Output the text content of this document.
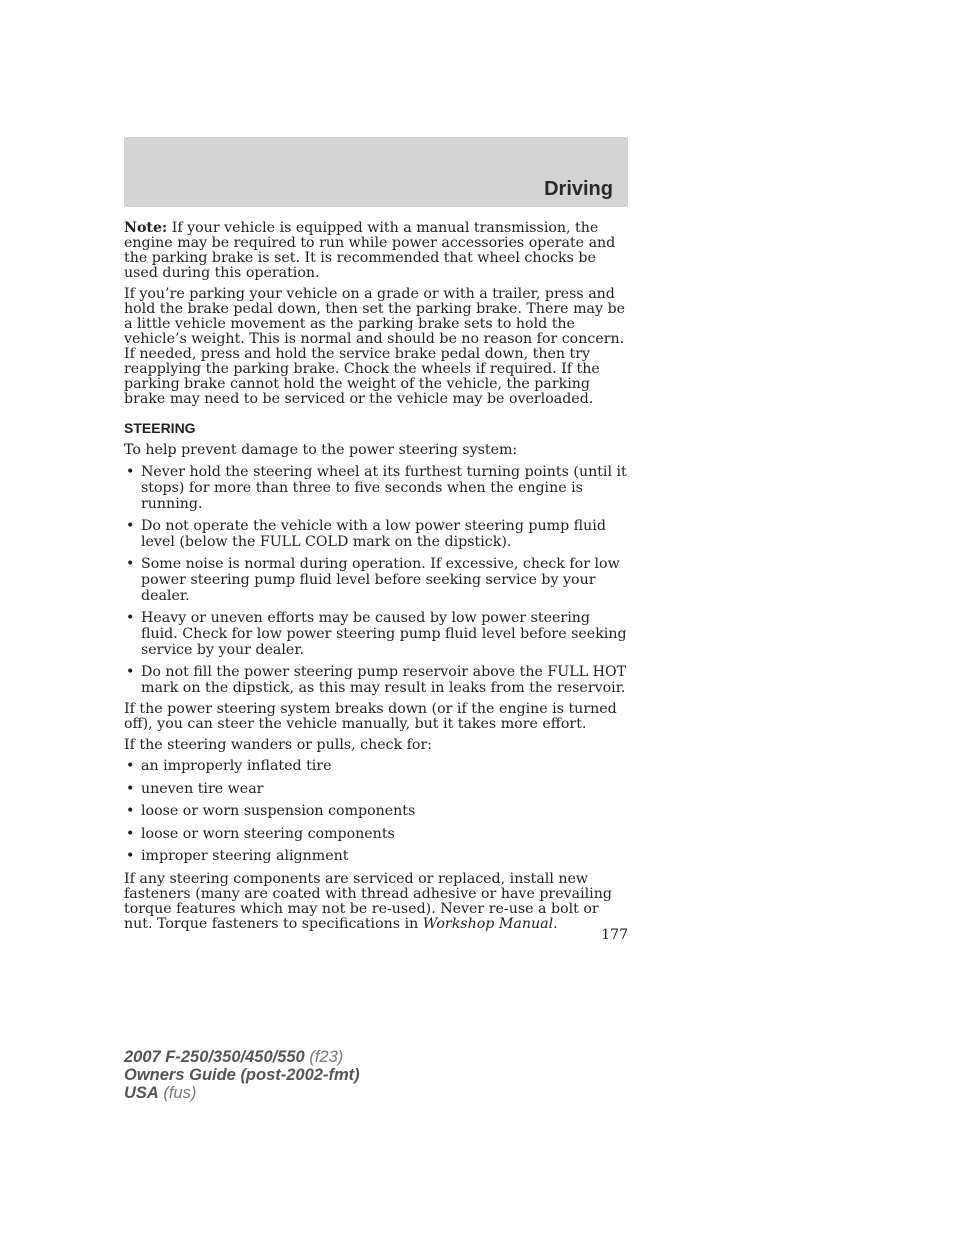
Driving

Note: If your vehicle is equipped with a manual transmission, the engine may be required to run while power accessories operate and the parking brake is set. It is recommended that wheel chocks be used during this operation.

If you’re parking your vehicle on a grade or with a trailer, press and hold the brake pedal down, then set the parking brake. There may be a little vehicle movement as the parking brake sets to hold the vehicle’s weight. This is normal and should be no reason for concern. If needed, press and hold the service brake pedal down, then try reapplying the parking brake. Chock the wheels if required. If the parking brake cannot hold the weight of the vehicle, the parking brake may need to be serviced or the vehicle may be overloaded.

STEERING

To help prevent damage to the power steering system:

• Never hold the steering wheel at its furthest turning points (until it stops) for more than three to five seconds when the engine is running.
• Do not operate the vehicle with a low power steering pump fluid level (below the FULL COLD mark on the dipstick).
• Some noise is normal during operation. If excessive, check for low power steering pump fluid level before seeking service by your dealer.
• Heavy or uneven efforts may be caused by low power steering fluid. Check for low power steering pump fluid level before seeking service by your dealer.
• Do not fill the power steering pump reservoir above the FULL HOT mark on the dipstick, as this may result in leaks from the reservoir.

If the power steering system breaks down (or if the engine is turned off), you can steer the vehicle manually, but it takes more effort.

If the steering wanders or pulls, check for:

• an improperly inflated tire
• uneven tire wear
• loose or worn suspension components
• loose or worn steering components
• improper steering alignment

If any steering components are serviced or replaced, install new fasteners (many are coated with thread adhesive or have prevailing torque features which may not be re-used). Never re-use a bolt or nut. Torque fasteners to specifications in Workshop Manual.

177
2007 F-250/350/450/550 (f23)
Owners Guide (post-2002-fmt)
USA (fus)
